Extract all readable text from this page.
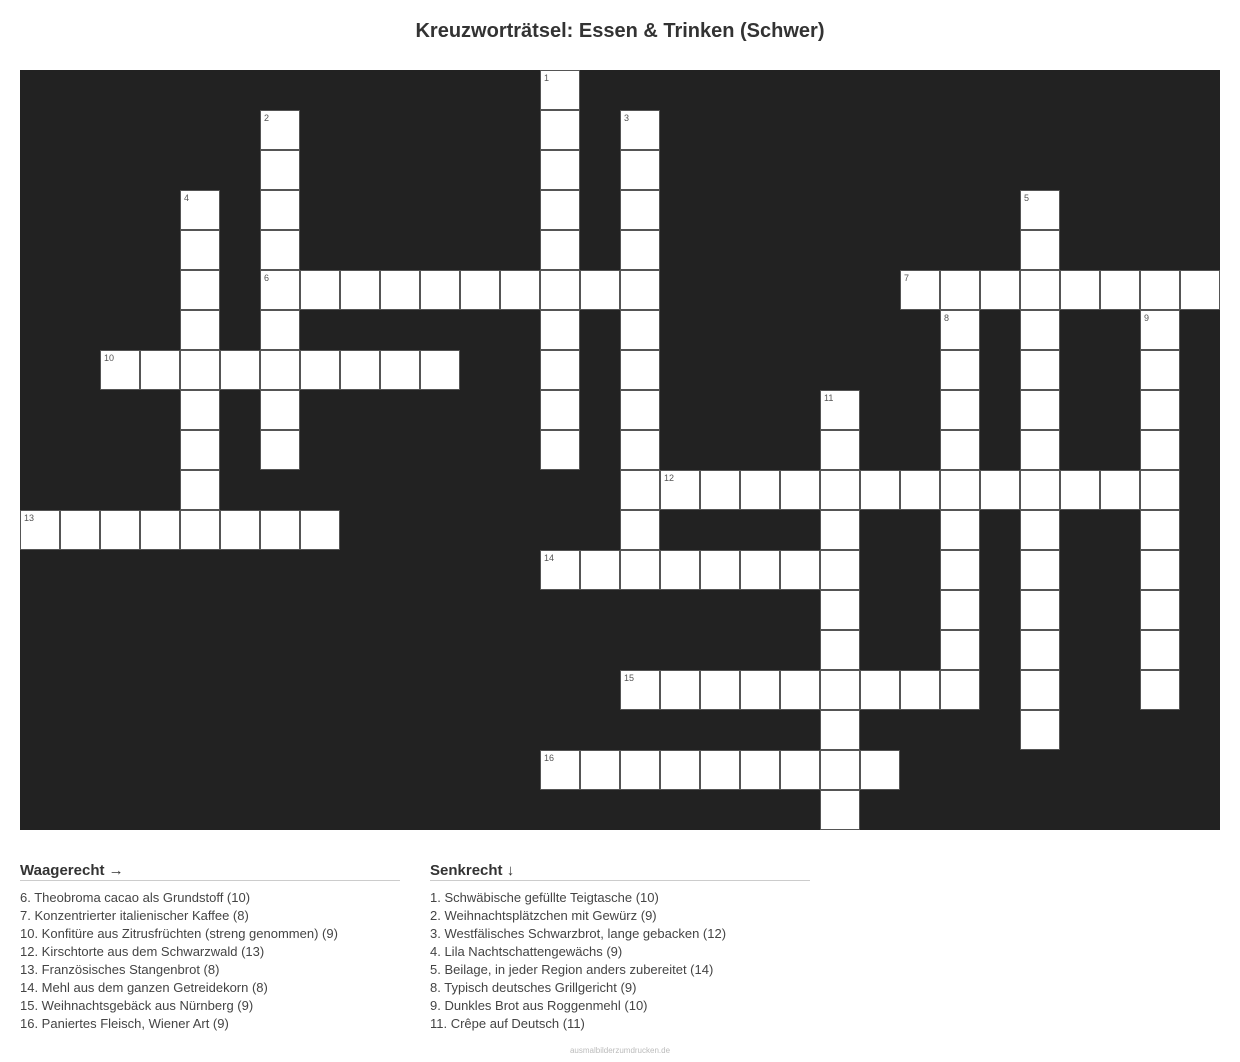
Kreuzworträtsel: Essen & Trinken (Schwer)
1
2
6
3
4	5
7
8	9
10
11
12
13
14
15
16
Waagerecht →
6. Theobroma cacao als Grundstoff (10)
7. Konzentrierter italienischer Kaffee (8)
10. Konfitüre aus Zitrusfrüchten (streng genommen) (9)
12. Kirschtorte aus dem Schwarzwald (13)
13. Französisches Stangenbrot (8)
14. Mehl aus dem ganzen Getreidekorn (8)
15. Weihnachtsgebäck aus Nürnberg (9)
16. Paniertes Fleisch, Wiener Art (9)
Senkrecht ↓
1. Schwäbische gefüllte Teigtasche (10)
2. Weihnachtsplätzchen mit Gewürz (9)
3. Westfälisches Schwarzbrot, lange gebacken (12)
4. Lila Nachtschattengewächs (9)
5. Beilage, in jeder Region anders zubereitet (14)
8. Typisch deutsches Grillgericht (9)
9. Dunkles Brot aus Roggenmehl (10)
11. Crêpe auf Deutsch (11)
ausmalbilderzumdrucken.de
